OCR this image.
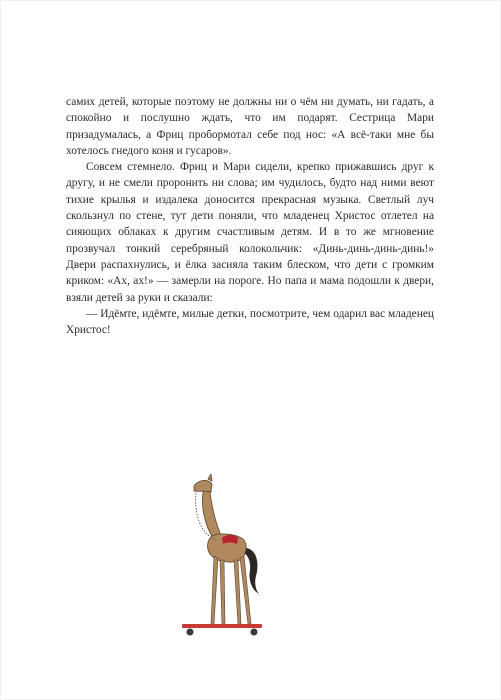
самих детей, которые поэтому не должны ни о чём ни думать, ни гадать, а спокойно и послушно ждать, что им подарят. Сестрица Мари призадумалась, а Фриц пробормотал себе под нос: «А всё-таки мне бы хотелось гнедого коня и гусаров».

Совсем стемнело. Фриц и Мари сидели, крепко прижавшись друг к другу, и не смели проронить ни слова; им чудилось, будто над ними веют тихие крылья и издалека доносится прекрасная музыка. Светлый луч скользнул по стене, тут дети поняли, что младенец Христос отлетел на сияющих облаках к другим счастливым детям. И в то же мгновение прозвучал тонкий серебряный колокольчик: «Динь-динь-динь-динь!» Двери распахнулись, и ёлка засияла таким блеском, что дети с громким криком: «Ах, ах!» — замерли на пороге. Но папа и мама подошли к двери, взяли детей за руки и сказали:

— Идёмте, идёмте, милые детки, посмотрите, чем одарил вас младенец Христос!
